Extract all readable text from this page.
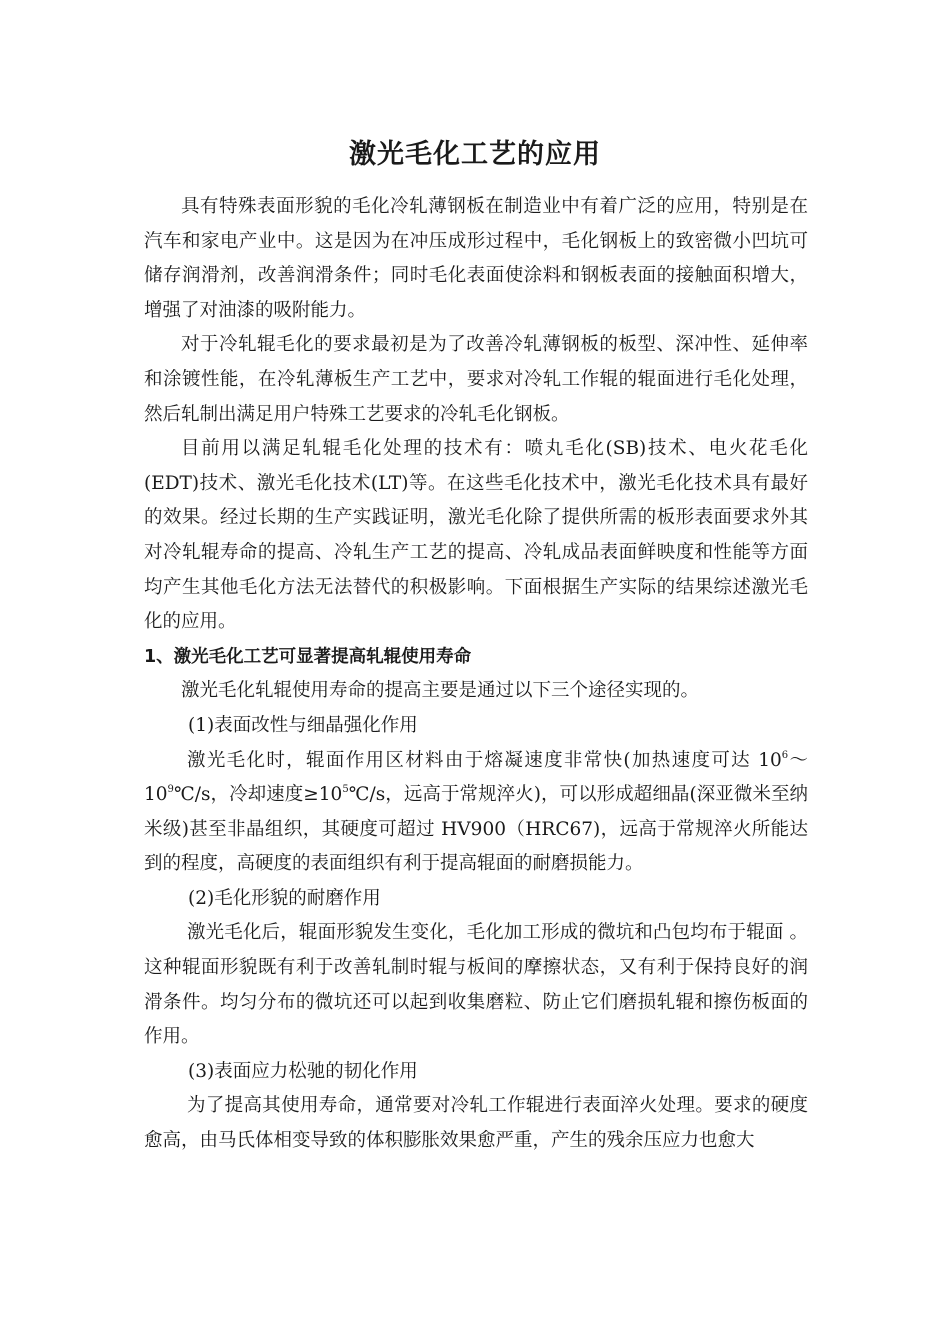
激光毛化工艺的应用

具有特殊表面形貌的毛化冷轧薄钢板在制造业中有着广泛的应用，特别是在汽车和家电产业中。这是因为在冲压成形过程中，毛化钢板上的致密微小凹坑可储存润滑剂，改善润滑条件；同时毛化表面使涂料和钢板表面的接触面积增大，增强了对油漆的吸附能力。

对于冷轧辊毛化的要求最初是为了改善冷轧薄钢板的板型、深冲性、延伸率和涂镀性能，在冷轧薄板生产工艺中，要求对冷轧工作辊的辊面进行毛化处理，然后轧制出满足用户特殊工艺要求的冷轧毛化钢板。

目前用以满足轧辊毛化处理的技术有：喷丸毛化(SB)技术、电火花毛化(EDT)技术、激光毛化技术(LT)等。在这些毛化技术中，激光毛化技术具有最好的效果。经过长期的生产实践证明，激光毛化除了提供所需的板形表面要求外其对冷轧辊寿命的提高、冷轧生产工艺的提高、冷轧成品表面鲜映度和性能等方面均产生其他毛化方法无法替代的积极影响。下面根据生产实际的结果综述激光毛化的应用。

1、激光毛化工艺可显著提高轧辊使用寿命

激光毛化轧辊使用寿命的提高主要是通过以下三个途径实现的。

(1)表面改性与细晶强化作用

激光毛化时，辊面作用区材料由于熔凝速度非常快(加热速度可达 $10^6\sim 10^9℃/s$，冷却速度$\ge 10^5℃/s$，远高于常规淬火)，可以形成超细晶(深亚微米至纳米级)甚至非晶组织，其硬度可超过 HV900（HRC67)，远高于常规淬火所能达到的程度，高硬度的表面组织有利于提高辊面的耐磨损能力。

(2)毛化形貌的耐磨作用

激光毛化后，辊面形貌发生变化，毛化加工形成的微坑和凸包均布于辊面 。这种辊面形貌既有利于改善轧制时辊与板间的摩擦状态，又有利于保持良好的润滑条件。均匀分布的微坑还可以起到收集磨粒、防止它们磨损轧辊和擦伤板面的作用。

(3)表面应力松驰的韧化作用

为了提高其使用寿命，通常要对冷轧工作辊进行表面淬火处理。要求的硬度愈高，由马氏体相变导致的体积膨胀效果愈严重，产生的残余压应力也愈大
